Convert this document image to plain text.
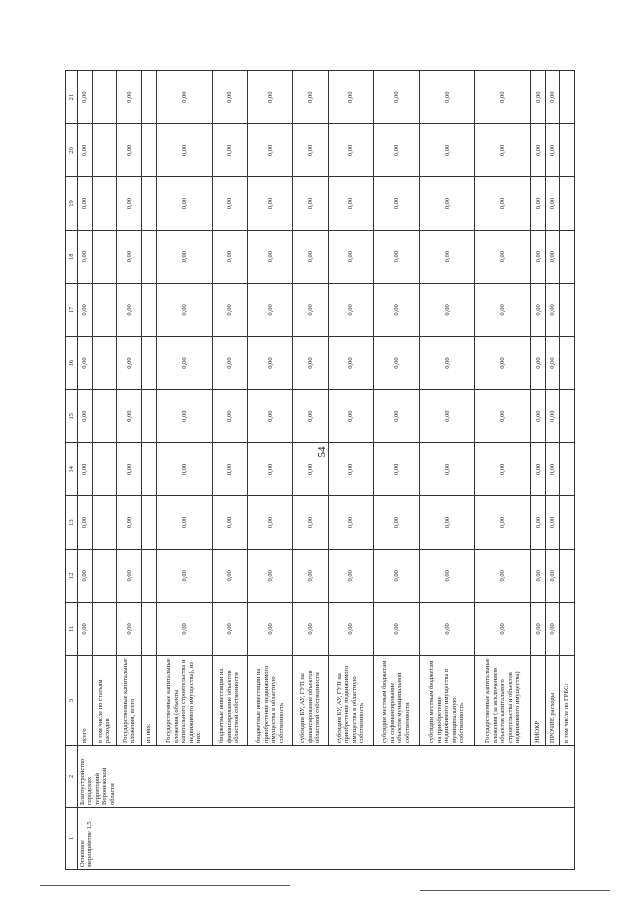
54
1	2	3	11	12	13	14	15	16	17	18	19	20	21
Основное мероприятие 1.5	Благоустройство городских территорий Воронежской области	всего	0,00	0,00	0,00	0,00	0,00	0,00	0,00	0,00	0,00	0,00	0,00
		в том числе по статьям расходов											
		Государственные капитальные вложения, всего	0,00	0,00	0,00	0,00	0,00	0,00	0,00	0,00	0,00	0,00	0,00
		из них:											
		Государственные капитальные вложения (объекты капитального строительства и недвижимого имущества), из них:	0,00	0,00	0,00	0,00	0,00	0,00	0,00	0,00	0,00	0,00	0,00
		бюджетные инвестиции на финансирование объектов областной собственности	0,00	0,00	0,00	0,00	0,00	0,00	0,00	0,00	0,00	0,00	0,00
		бюджетные инвестиции на приобретение недвижимого имущества в областную собственность	0,00	0,00	0,00	0,00	0,00	0,00	0,00	0,00	0,00	0,00	0,00
		субсидии БУ, АУ, ГУП на финансирование объектов областной собственности	0,00	0,00	0,00	0,00	0,00	0,00	0,00	0,00	0,00	0,00	0,00
		субсидии БУ, АУ, ГУП на приобретение недвижимого имущества в областную собственность	0,00	0,00	0,00	0,00	0,00	0,00	0,00	0,00	0,00	0,00	0,00
		субсидии местным бюджетам на софинансирование объектов муниципальной собственности	0,00	0,00	0,00	0,00	0,00	0,00	0,00	0,00	0,00	0,00	0,00
		субсидии местным бюджетам на приобретение недвижимого имущества в муниципальную собственность	0,00	0,00	0,00	0,00	0,00	0,00	0,00	0,00	0,00	0,00	0,00
		Государственные капитальные вложения (за исключением объектов капитального строительства и объектов недвижимого имущества)	0,00	0,00	0,00	0,00	0,00	0,00	0,00	0,00	0,00	0,00	0,00
		НИОКР	0,00	0,00	0,00	0,00	0,00	0,00	0,00	0,00	0,00	0,00	0,00
		ПРОЧИЕ расходы	0,00	0,00	0,00	0,00	0,00	0,00	0,00	0,00	0,00	0,00	0,00
		в том числе по ГРБС:											
